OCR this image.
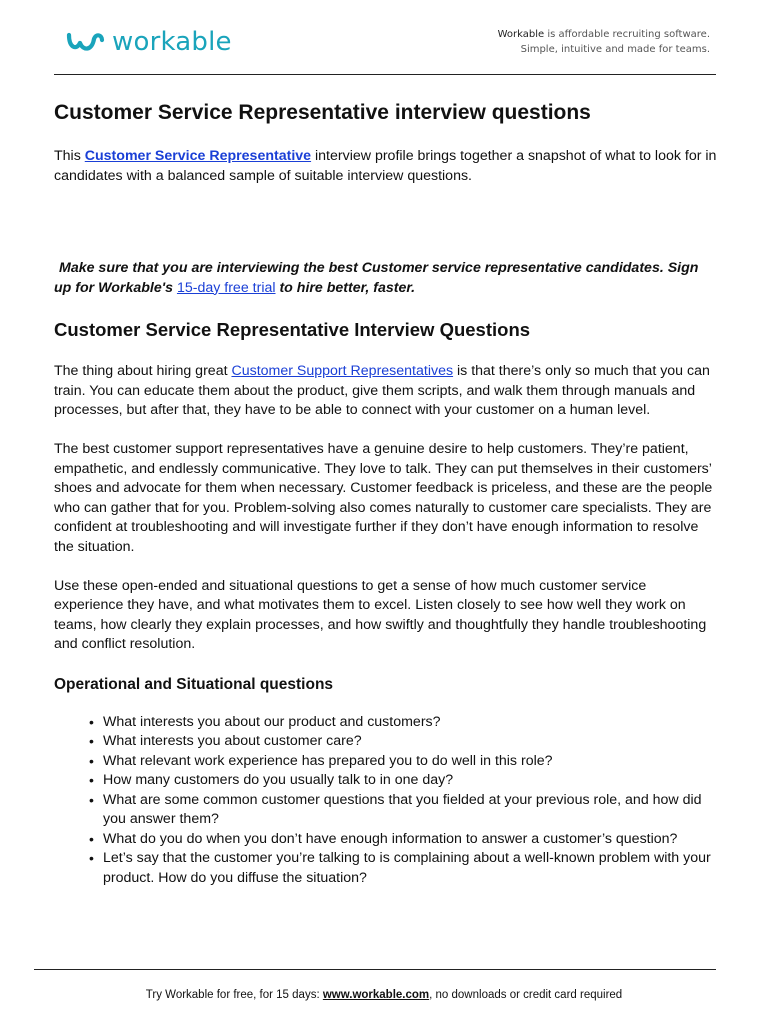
workable	Workable is affordable recruiting software.
Simple, intuitive and made for teams.
Customer Service Representative interview questions

This Customer Service Representative interview profile brings together a snapshot of what to look for in candidates with a balanced sample of suitable interview questions.

Make sure that you are interviewing the best Customer service representative candidates. Sign up for Workable's 15-day free trial to hire better, faster.

Customer Service Representative Interview Questions

The thing about hiring great Customer Support Representatives is that there’s only so much that you can train. You can educate them about the product, give them scripts, and walk them through manuals and processes, but after that, they have to be able to connect with your customer on a human level.

The best customer support representatives have a genuine desire to help customers. They’re patient, empathetic, and endlessly communicative. They love to talk. They can put themselves in their customers’ shoes and advocate for them when necessary. Customer feedback is priceless, and these are the people who can gather that for you. Problem-solving also comes naturally to customer care specialists. They are confident at troubleshooting and will investigate further if they don’t have enough information to resolve the situation.

Use these open-ended and situational questions to get a sense of how much customer service experience they have, and what motivates them to excel. Listen closely to see how well they work on teams, how clearly they explain processes, and how swiftly and thoughtfully they handle troubleshooting and conflict resolution.

Operational and Situational questions
• What interests you about our product and customers?
• What interests you about customer care?
• What relevant work experience has prepared you to do well in this role?
• How many customers do you usually talk to in one day?
• What are some common customer questions that you fielded at your previous role, and how did you answer them?
• What do you do when you don’t have enough information to answer a customer’s question?
• Let’s say that the customer you’re talking to is complaining about a well-known problem with your product. How do you diffuse the situation?
Try Workable for free, for 15 days: www.workable.com, no downloads or credit card required
